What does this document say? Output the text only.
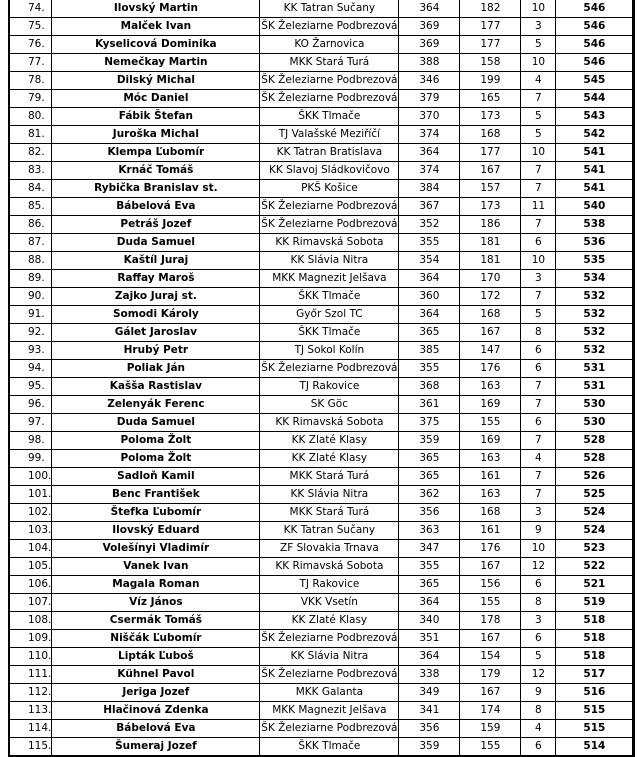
74.	Ilovský Martin	KK Tatran Sučany	364	182	10	546
75.	Malček Ivan	ŠK Železiarne Podbrezová	369	177	3	546
76.	Kyselicová Dominika	KO Žarnovica	369	177	5	546
77.	Nemečkay Martin	MKK Stará Turá	388	158	10	546
78.	Dilský Michal	ŠK Železiarne Podbrezová	346	199	4	545
79.	Móc Daniel	ŠK Železiarne Podbrezová	379	165	7	544
80.	Fábik Štefan	ŠKK Tlmače	370	173	5	543
81.	Juroška Michal	TJ Valašské Meziříčí	374	168	5	542
82.	Klempa Ľubomír	KK Tatran Bratislava	364	177	10	541
83.	Krnáč Tomáš	KK Slavoj Sládkovičovo	374	167	7	541
84.	Rybička Branislav st.	PKŠ Košice	384	157	7	541
85.	Bábelová Eva	ŠK Železiarne Podbrezová	367	173	11	540
86.	Petráš Jozef	ŠK Železiarne Podbrezová	352	186	7	538
87.	Duda Samuel	KK Rimavská Sobota	355	181	6	536
88.	Kaštíl Juraj	KK Slávia Nitra	354	181	10	535
89.	Raffay Maroš	MKK Magnezit Jelšava	364	170	3	534
90.	Zajko Juraj st.	ŠKK Tlmače	360	172	7	532
91.	Somodi Károly	Győr Szol TC	364	168	5	532
92.	Gálet Jaroslav	ŠKK Tlmače	365	167	8	532
93.	Hrubý Petr	TJ Sokol Kolín	385	147	6	532
94.	Poliak Ján	ŠK Železiarne Podbrezová	355	176	6	531
95.	Kašša Rastislav	TJ Rakovice	368	163	7	531
96.	Zelenyák Ferenc	SK Göc	361	169	7	530
97.	Duda Samuel	KK Rimavská Sobota	375	155	6	530
98.	Poloma Žolt	KK Zlaté Klasy	359	169	7	528
99.	Poloma Žolt	KK Zlaté Klasy	365	163	4	528
100.	Sadloň Kamil	MKK Stará Turá	365	161	7	526
101.	Benc František	KK Slávia Nitra	362	163	7	525
102.	Štefka Ľubomír	MKK Stará Turá	356	168	3	524
103.	Ilovský Eduard	KK Tatran Sučany	363	161	9	524
104.	Volešínyi Vladimír	ZF Slovakia Trnava	347	176	10	523
105.	Vanek Ivan	KK Rimavská Sobota	355	167	12	522
106.	Magala Roman	TJ Rakovice	365	156	6	521
107.	Víz János	VKK Vsetín	364	155	8	519
108.	Csermák Tomáš	KK Zlaté Klasy	340	178	3	518
109.	Niščák Ľubomír	ŠK Železiarne Podbrezová	351	167	6	518
110.	Lipták Ľuboš	KK Slávia Nitra	364	154	5	518
111.	Kühnel Pavol	ŠK Železiarne Podbrezová	338	179	12	517
112.	Jeriga Jozef	MKK Galanta	349	167	9	516
113.	Hlačinová Zdenka	MKK Magnezit Jelšava	341	174	8	515
114.	Bábelová Eva	ŠK Železiarne Podbrezová	356	159	4	515
115.	Šumeraj Jozef	ŠKK Tlmače	359	155	6	514
